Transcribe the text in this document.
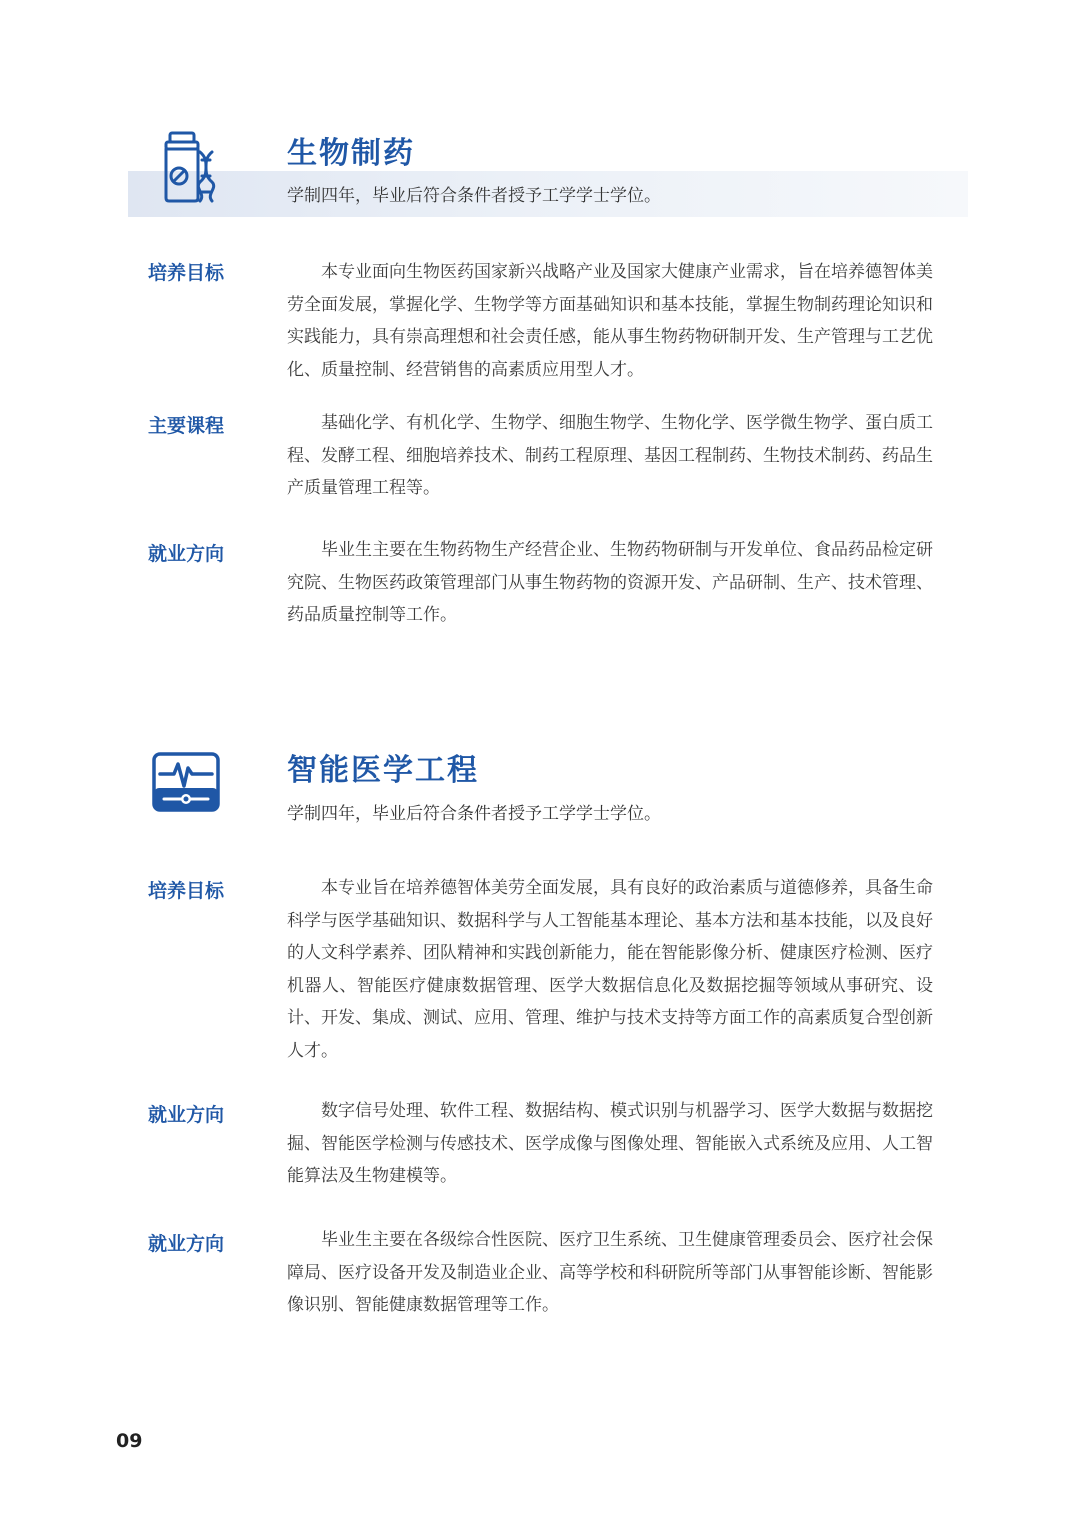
生物制药

学制四年，毕业后符合条件者授予工学学士学位。

培养目标	本专业面向生物医药国家新兴战略产业及国家大健康产业需求，旨在培养德智体美劳全面发展，掌握化学、生物学等方面基础知识和基本技能，掌握生物制药理论知识和实践能力，具有崇高理想和社会责任感，能从事生物药物研制开发、生产管理与工艺优化、质量控制、经营销售的高素质应用型人才。

主要课程	基础化学、有机化学、生物学、细胞生物学、生物化学、医学微生物学、蛋白质工程、发酵工程、细胞培养技术、制药工程原理、基因工程制药、生物技术制药、药品生产质量管理工程等。

就业方向	毕业生主要在生物药物生产经营企业、生物药物研制与开发单位、食品药品检定研究院、生物医药政策管理部门从事生物药物的资源开发、产品研制、生产、技术管理、药品质量控制等工作。

智能医学工程

学制四年，毕业后符合条件者授予工学学士学位。

培养目标	本专业旨在培养德智体美劳全面发展，具有良好的政治素质与道德修养，具备生命科学与医学基础知识、数据科学与人工智能基本理论、基本方法和基本技能，以及良好的人文科学素养、团队精神和实践创新能力，能在智能影像分析、健康医疗检测、医疗机器人、智能医疗健康数据管理、医学大数据信息化及数据挖掘等领域从事研究、设计、开发、集成、测试、应用、管理、维护与技术支持等方面工作的高素质复合型创新人才。

就业方向	数字信号处理、软件工程、数据结构、模式识别与机器学习、医学大数据与数据挖掘、智能医学检测与传感技术、医学成像与图像处理、智能嵌入式系统及应用、人工智能算法及生物建模等。

就业方向	毕业生主要在各级综合性医院、医疗卫生系统、卫生健康管理委员会、医疗社会保障局、医疗设备开发及制造业企业、高等学校和科研院所等部门从事智能诊断、智能影像识别、智能健康数据管理等工作。

09
